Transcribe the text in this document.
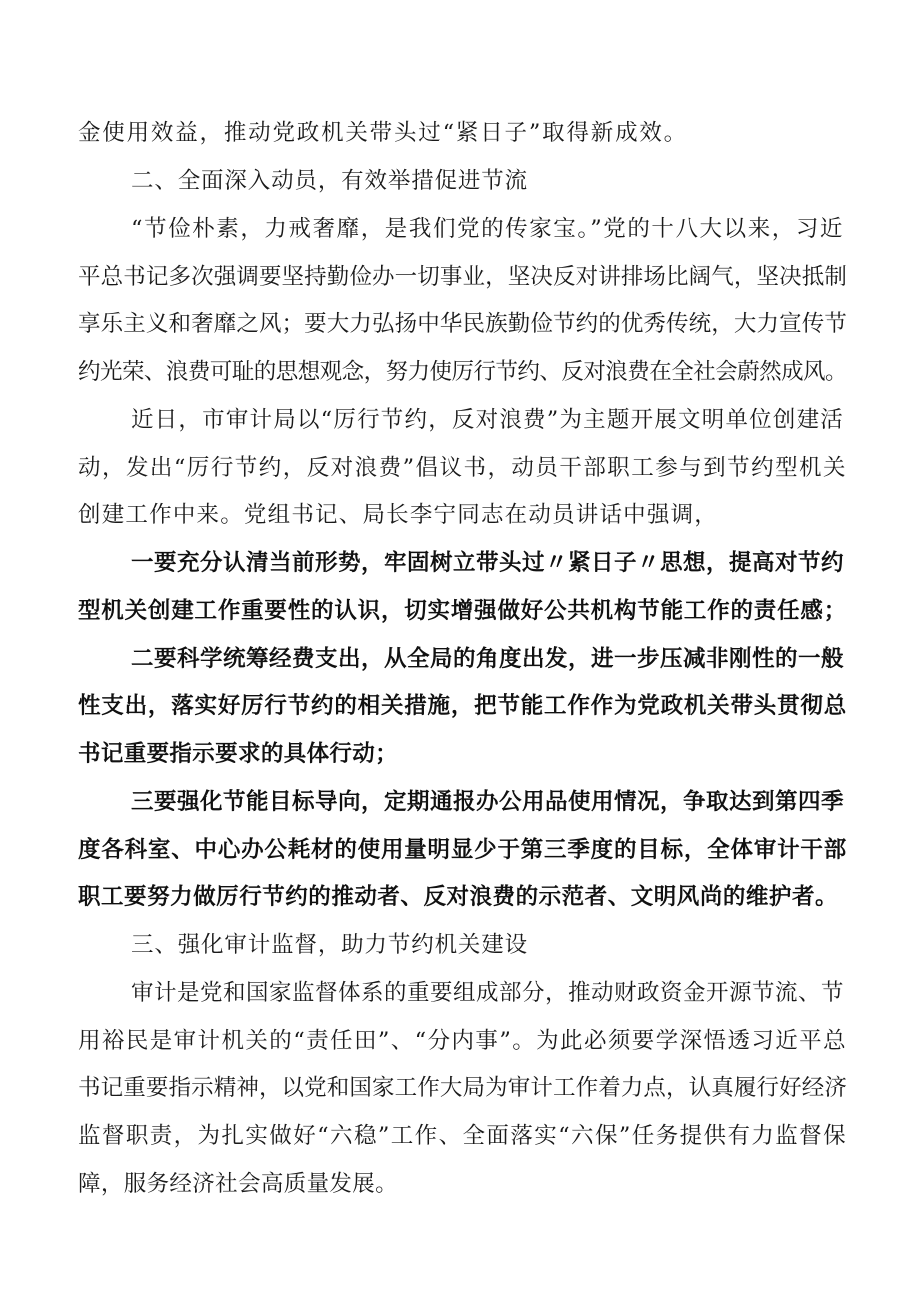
金使用效益，推动党政机关带头过“紧日子”取得新成效。
二、全面深入动员，有效举措促进节流
“节俭朴素，力戒奢靡，是我们党的传家宝。”党的十八大以来，习近
平总书记多次强调要坚持勤俭办一切事业，坚决反对讲排场比阔气，坚决抵制
享乐主义和奢靡之风；要大力弘扬中华民族勤俭节约的优秀传统，大力宣传节
约光荣、浪费可耻的思想观念，努力使厉行节约、反对浪费在全社会蔚然成风。
近日，市审计局以“厉行节约，反对浪费”为主题开展文明单位创建活
动，发出“厉行节约，反对浪费”倡议书，动员干部职工参与到节约型机关
创建工作中来。党组书记、局长李宁同志在动员讲话中强调，
一要充分认清当前形势，牢固树立带头过〃紧日子〃思想，提高对节约
型机关创建工作重要性的认识，切实增强做好公共机构节能工作的责任感；
二要科学统筹经费支出，从全局的角度出发，进一步压减非刚性的一般
性支出，落实好厉行节约的相关措施，把节能工作作为党政机关带头贯彻总
书记重要指示要求的具体行动；
三要强化节能目标导向，定期通报办公用品使用情况，争取达到第四季
度各科室、中心办公耗材的使用量明显少于第三季度的目标，全体审计干部
职工要努力做厉行节约的推动者、反对浪费的示范者、文明风尚的维护者。
三、强化审计监督，助力节约机关建设
审计是党和国家监督体系的重要组成部分，推动财政资金开源节流、节
用裕民是审计机关的“责任田”、“分内事”。为此必须要学深悟透习近平总
书记重要指示精神，以党和国家工作大局为审计工作着力点，认真履行好经济
监督职责，为扎实做好“六稳”工作、全面落实“六保”任务提供有力监督保
障，服务经济社会高质量发展。
